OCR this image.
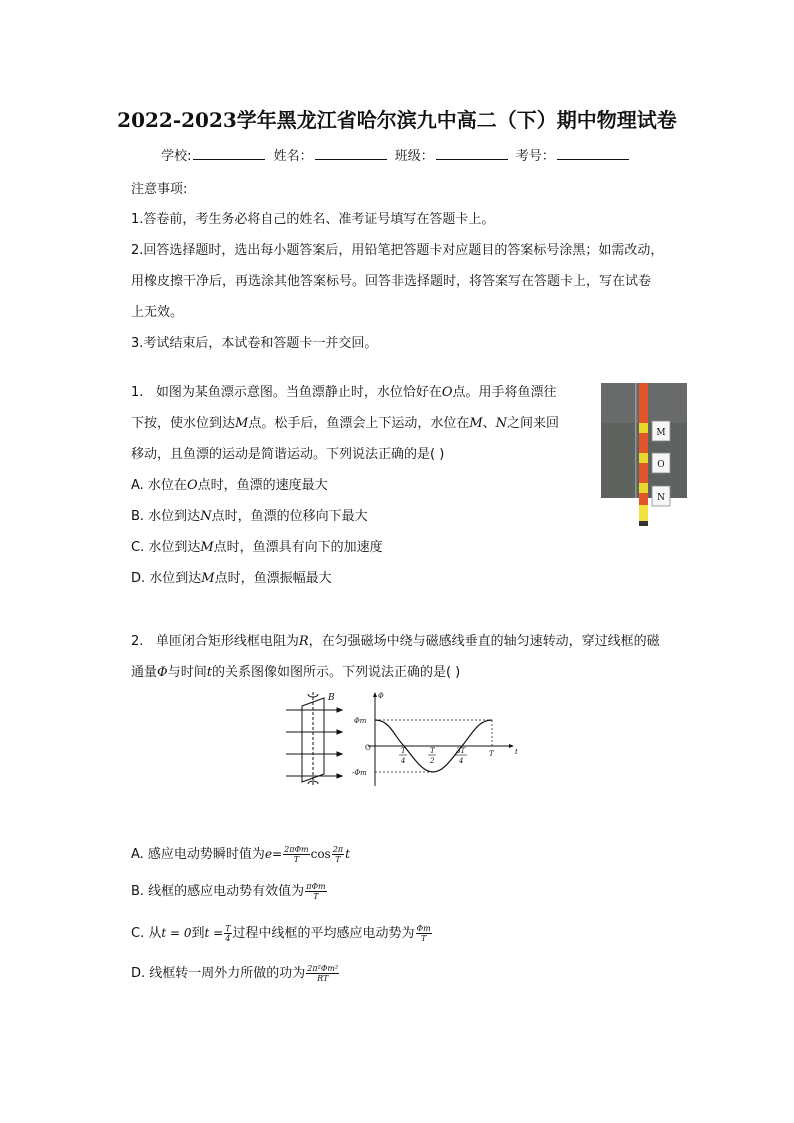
2022-2023学年黑龙江省哈尔滨九中高二（下）期中物理试卷
学校:	姓名：	班级：	考号：
注意事项:
1.答卷前，考生务必将自己的姓名、准考证号填写在答题卡上。
2.回答选择题时，选出每小题答案后，用铅笔把答题卡对应题目的答案标号涂黑；如需改动，
用橡皮擦干净后，再选涂其他答案标号。回答非选择题时，将答案写在答题卡上，写在试卷
上无效。
3.考试结束后，本试卷和答题卡一并交回。
1. 如图为某鱼漂示意图。当鱼漂静止时，水位恰好在O点。用手将鱼漂往
下按，使水位到达M点。松手后，鱼漂会上下运动，水位在M、N之间来回
移动，且鱼漂的运动是简谐运动。下列说法正确的是( )
A. 水位在O点时，鱼漂的速度最大
B. 水位到达N点时，鱼漂的位移向下最大
C. 水位到达M点时，鱼漂具有向下的加速度
D. 水位到达M点时，鱼漂振幅最大
M
O
N
2. 单匝闭合矩形线框电阻为R，在匀强磁场中绕与磁感线垂直的轴匀速转动，穿过线框的磁
通量Φ与时间t的关系图像如图所示。下列说法正确的是( )
B	Φ
Φm
O
-Φm
t
T
4
T
2
3T
4
T
A. 感应电动势瞬时值为$e= \frac{\text{2πΦm}}{T}$ $\cos \frac{2\pi}{T}$ t
B. 线框的感应电动势有效值为 $\frac{\text{πΦm}}{T}$
C. 从t = 0到$t = \frac{T}{4}$ 过程中线框的平均感应电动势为 $\frac{\Phi m}{T}$
D. 线框转一周外力所做的功为 $\frac{\text{2π²Φm²}}{RT}$
